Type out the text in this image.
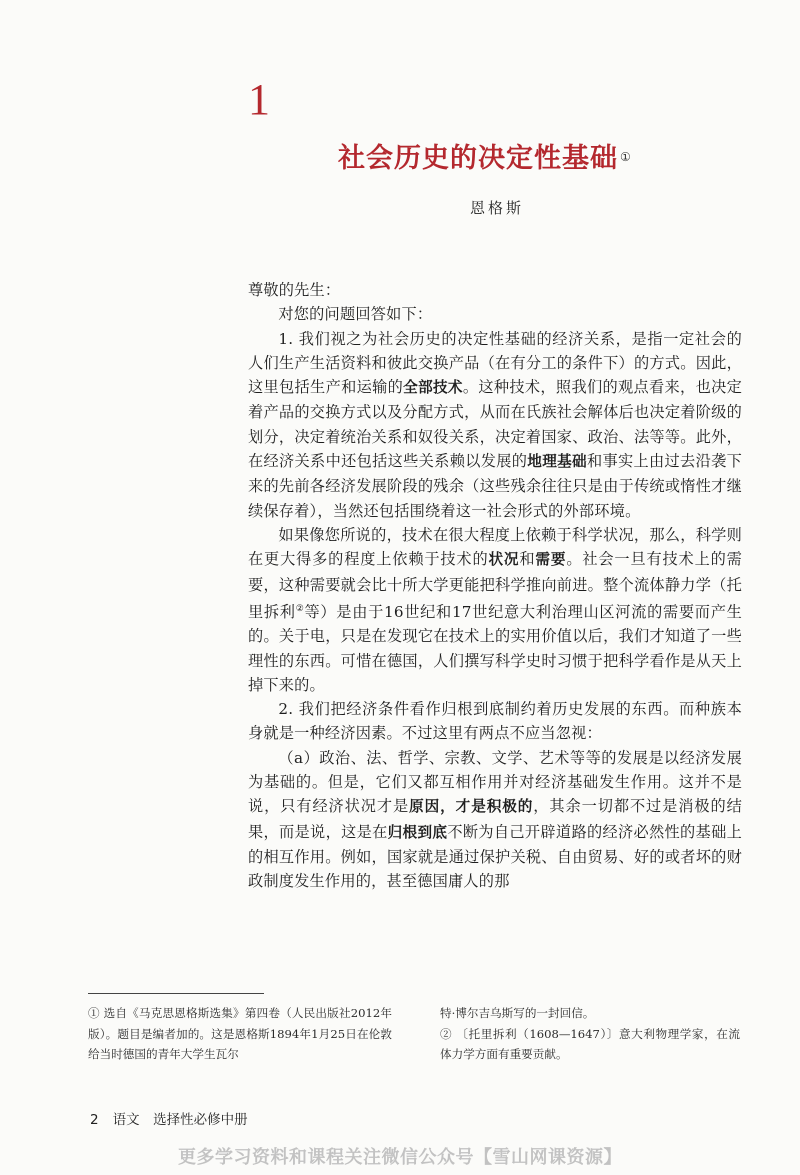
1
社会历史的决定性基础 ①
恩格斯

尊敬的先生：

对您的问题回答如下：

1. 我们视之为社会历史的决定性基础的经济关系，是指一定社会的人们生产生活资料和彼此交换产品（在有分工的条件下）的方式。因此，这里包括生产和运输的全部技术。这种技术，照我们的观点看来，也决定着产品的交换方式以及分配方式，从而在氏族社会解体后也决定着阶级的划分，决定着统治关系和奴役关系，决定着国家、政治、法等等。此外，在经济关系中还包括这些关系赖以发展的地理基础和事实上由过去沿袭下来的先前各经济发展阶段的残余（这些残余往往只是由于传统或惰性才继续保存着），当然还包括围绕着这一社会形式的外部环境。

如果像您所说的，技术在很大程度上依赖于科学状况，那么，科学则在更大得多的程度上依赖于技术的状况和需要。社会一旦有技术上的需要，这种需要就会比十所大学更能把科学推向前进。整个流体静力学（托里拆利②等）是由于16世纪和17世纪意大利治理山区河流的需要而产生的。关于电，只是在发现它在技术上的实用价值以后，我们才知道了一些理性的东西。可惜在德国，人们撰写科学史时习惯于把科学看作是从天上掉下来的。

2. 我们把经济条件看作归根到底制约着历史发展的东西。而种族本身就是一种经济因素。不过这里有两点不应当忽视：

（a）政治、法、哲学、宗教、文学、艺术等等的发展是以经济发展为基础的。但是，它们又都互相作用并对经济基础发生作用。这并不是说，只有经济状况才是原因，才是积极的，其余一切都不过是消极的结果，而是说，这是在归根到底不断为自己开辟道路的经济必然性的基础上的相互作用。例如，国家就是通过保护关税、自由贸易、好的或者坏的财政制度发生作用的，甚至德国庸人的那

① 选自《马克思恩格斯选集》第四卷（人民出版社2012年版）。题目是编者加的。这是恩格斯1894年1月25日在伦敦给当时德国的青年大学生瓦尔

特·博尔吉乌斯写的一封回信。

② 〔托里拆利（1608—1647）〕意大利物理学家，在流体力学方面有重要贡献。

2 语文　选择性必修中册
更多学习资料和课程关注微信公众号【雪山网课资源】
